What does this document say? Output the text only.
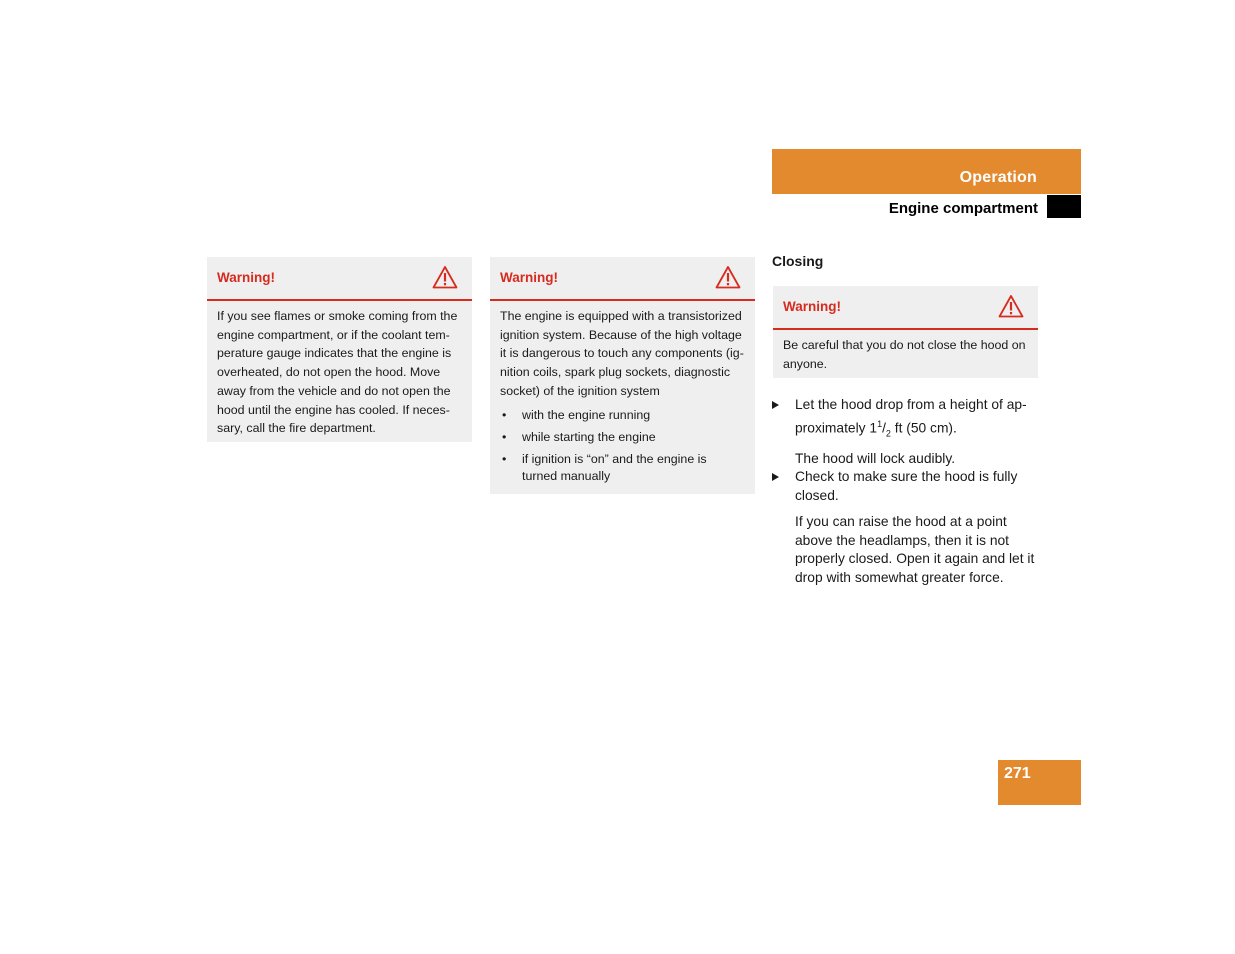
Operation
Engine compartment
Warning!
If you see flames or smoke coming from the engine compartment, or if the coolant tem-perature gauge indicates that the engine is overheated, do not open the hood. Move away from the vehicle and do not open the hood until the engine has cooled. If neces-sary, call the fire department.
Warning!
The engine is equipped with a transistorized ignition system. Because of the high voltage it is dangerous to touch any components (ig-nition coils, spark plug sockets, diagnostic socket) of the ignition system
• with the engine running
• while starting the engine
• if ignition is “on” and the engine is turned manually
Closing
Warning!
Be careful that you do not close the hood on anyone.
Let the hood drop from a height of ap-proximately $1^1/_2$ ft (50 cm).
The hood will lock audibly.
Check to make sure the hood is fully closed.
If you can raise the hood at a point above the headlamps, then it is not properly closed. Open it again and let it drop with somewhat greater force.
271
